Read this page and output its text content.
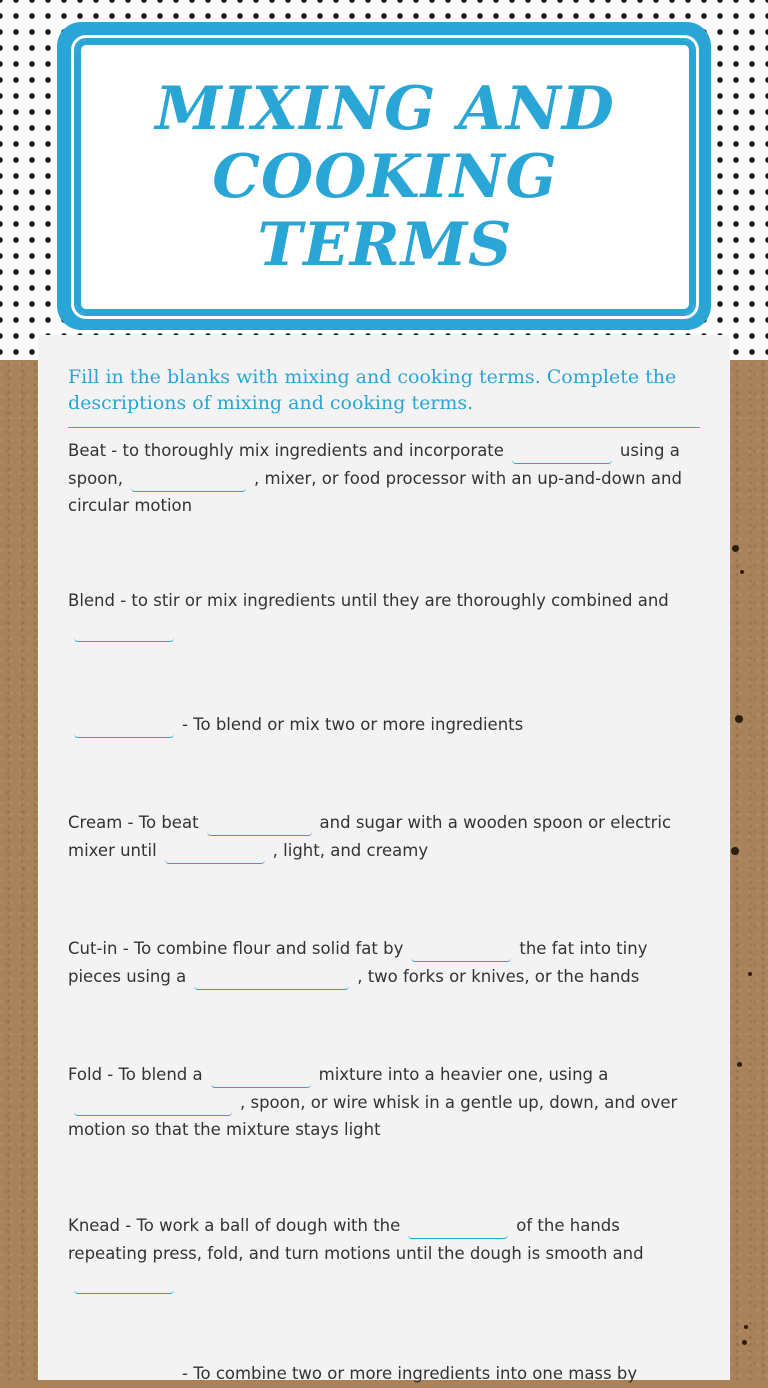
MIXING AND
COOKING TERMS

Fill in the blanks with mixing and cooking terms. Complete the descriptions of mixing and cooking terms.

Beat - to thoroughly mix ingredients and incorporate	using a spoon,	, mixer, or food processor with an up-and-down and circular motion

Blend - to stir or mix ingredients until they are thoroughly combined and

- To blend or mix two or more ingredients

Cream - To beat	and sugar with a wooden spoon or electric mixer until	, light, and creamy

Cut-in - To combine flour and solid fat by	the fat into tiny pieces using a	, two forks or knives, or the hands

Fold - To blend a	mixture into a heavier one, using a
, spoon, or wire whisk in a gentle up, down, and over motion so that the mixture stays light

Knead - To work a ball of dough with the	of the hands repeating press, fold, and turn motions until the dough is smooth and

- To combine two or more ingredients into one mass by
